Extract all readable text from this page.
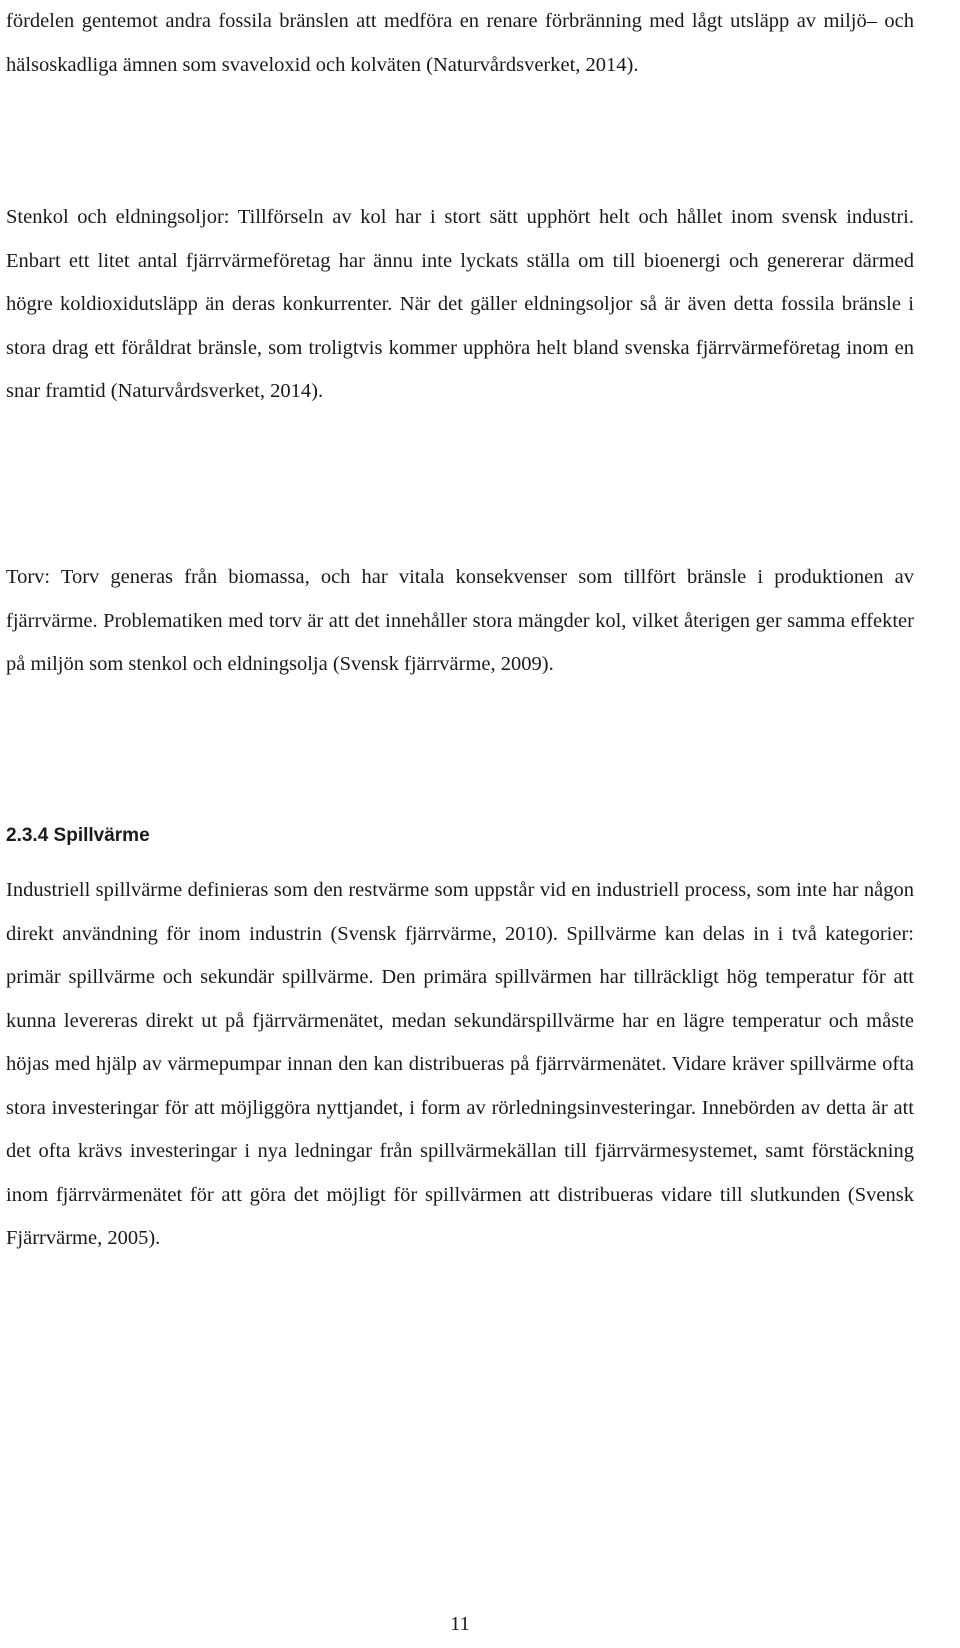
fördelen gentemot andra fossila bränslen att medföra en renare förbränning med lågt utsläpp av miljö– och hälsoskadliga ämnen som svaveloxid och kolväten (Naturvårdsverket, 2014).

Stenkol och eldningsoljor: Tillförseln av kol har i stort sätt upphört helt och hållet inom svensk industri. Enbart ett litet antal fjärrvärmeföretag har ännu inte lyckats ställa om till bioenergi och genererar därmed högre koldioxidutsläpp än deras konkurrenter. När det gäller eldningsoljor så är även detta fossila bränsle i stora drag ett föråldrat bränsle, som troligtvis kommer upphöra helt bland svenska fjärrvärmeföretag inom en snar framtid (Naturvårdsverket, 2014).

Torv: Torv generas från biomassa, och har vitala konsekvenser som tillfört bränsle i produktionen av fjärrvärme. Problematiken med torv är att det innehåller stora mängder kol, vilket återigen ger samma effekter på miljön som stenkol och eldningsolja (Svensk fjärrvärme, 2009).

2.3.4 Spillvärme

Industriell spillvärme definieras som den restvärme som uppstår vid en industriell process, som inte har någon direkt användning för inom industrin (Svensk fjärrvärme, 2010). Spillvärme kan delas in i två kategorier: primär spillvärme och sekundär spillvärme. Den primära spillvärmen har tillräckligt hög temperatur för att kunna levereras direkt ut på fjärrvärmenätet, medan sekundärspillvärme har en lägre temperatur och måste höjas med hjälp av värmepumpar innan den kan distribueras på fjärrvärmenätet. Vidare kräver spillvärme ofta stora investeringar för att möjliggöra nyttjandet, i form av rörledningsinvesteringar. Innebörden av detta är att det ofta krävs investeringar i nya ledningar från spillvärmekällan till fjärrvärmesystemet, samt förstäckning inom fjärrvärmenätet för att göra det möjligt för spillvärmen att distribueras vidare till slutkunden (Svensk Fjärrvärme, 2005).

11
